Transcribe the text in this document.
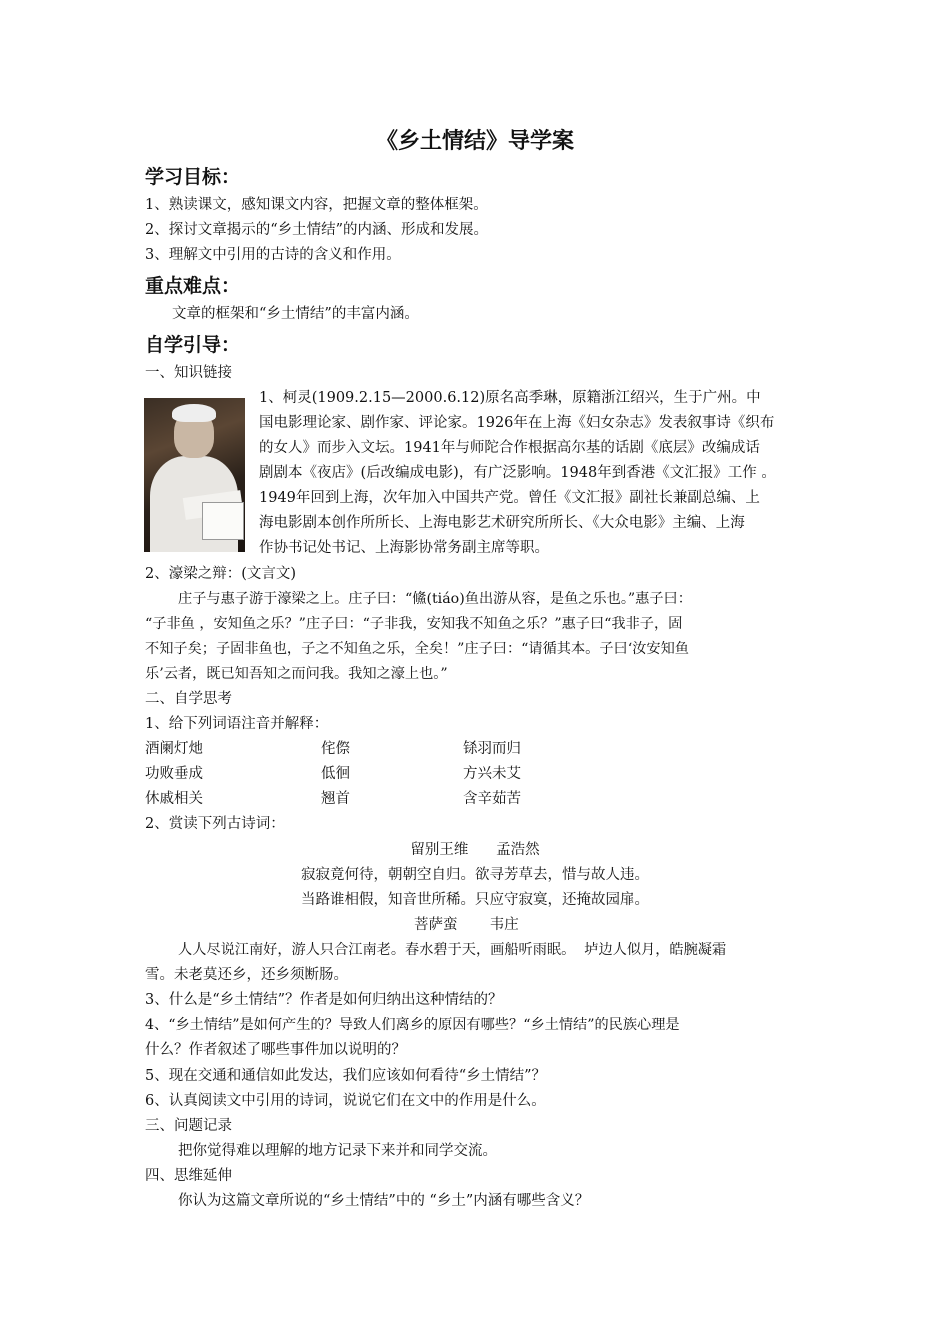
《乡土情结》导学案
学习目标：
1、熟读课文，感知课文内容，把握文章的整体框架。
2、探讨文章揭示的“乡土情结”的内涵、形成和发展。
3、理解文中引用的古诗的含义和作用。
重点难点：
文章的框架和“乡土情结”的丰富内涵。
自学引导：
一、知识链接
1、柯灵(1909.2.15—2000.6.12)原名高季琳，原籍浙江绍兴，生于广州。中
国电影理论家、剧作家、评论家。1926年在上海《妇女杂志》发表叙事诗《织布
的女人》而步入文坛。1941年与师陀合作根据高尔基的话剧《底层》改编成话
剧剧本《夜店》(后改编成电影)，有广泛影响。1948年到香港《文汇报》工作 。
1949年回到上海，次年加入中国共产党。曾任《文汇报》副社长兼副总编、上
海电影剧本创作所所长、上海电影艺术研究所所长、《大众电影》主编、上海
作协书记处书记、上海影协常务副主席等职。
2、濠梁之辩：(文言文)
庄子与惠子游于濠梁之上。庄子曰：“鯈(tiáo)鱼出游从容，是鱼之乐也。”惠子曰：
“子非鱼 ，安知鱼之乐？”庄子曰：“子非我，安知我不知鱼之乐？”惠子曰“我非子，固
不知子矣；子固非鱼也，子之不知鱼之乐，全矣！”庄子曰：“请循其本。子曰‘汝安知鱼
乐’云者，既已知吾知之而问我。我知之濠上也。”
二、自学思考
1、给下列词语注音并解释：
酒阑灯灺	侘傺	铩羽而归
功败垂成	低徊	方兴未艾
休戚相关	翘首	含辛茹苦
2、赏读下列古诗词：
留别王维      孟浩然
寂寂竟何待，朝朝空自归。欲寻芳草去，惜与故人违。
当路谁相假，知音世所稀。只应守寂寞，还掩故园扉。
菩萨蛮       韦庄
人人尽说江南好，游人只合江南老。春水碧于天，画船听雨眠。  垆边人似月，皓腕凝霜
雪。未老莫还乡，还乡须断肠。
3、什么是“乡土情结”？作者是如何归纳出这种情结的？
4、“乡土情结”是如何产生的？导致人们离乡的原因有哪些？“乡土情结”的民族心理是
什么？作者叙述了哪些事件加以说明的？
5、现在交通和通信如此发达，我们应该如何看待“乡土情结”？
6、认真阅读文中引用的诗词，说说它们在文中的作用是什么。
三、问题记录
把你觉得难以理解的地方记录下来并和同学交流。
四、思维延伸
你认为这篇文章所说的“乡土情结”中的 “乡土”内涵有哪些含义？
